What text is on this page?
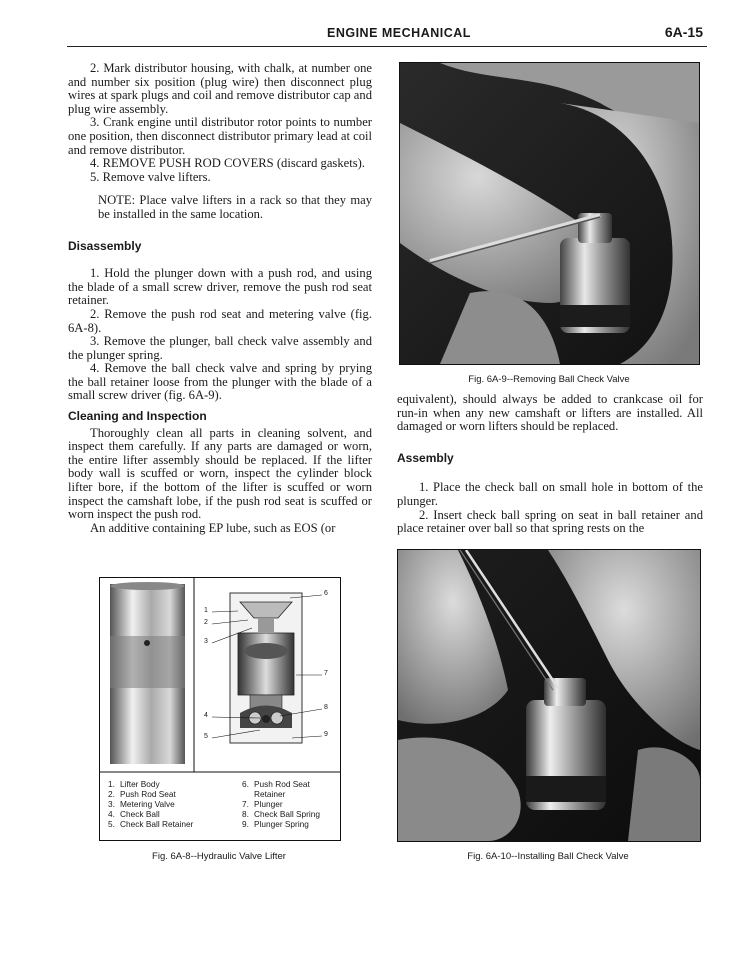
ENGINE MECHANICAL	6A-15

2. Mark distributor housing, with chalk, at number one and number six position (plug wire) then disconnect plug wires at spark plugs and coil and remove distributor cap and plug wire assembly.

3. Crank engine until distributor rotor points to number one position, then disconnect distributor primary lead at coil and remove distributor.

4. REMOVE PUSH ROD COVERS (discard gaskets).

5. Remove valve lifters.

NOTE: Place valve lifters in a rack so that they may be installed in the same location.

Disassembly

1. Hold the plunger down with a push rod, and using the blade of a small screw driver, remove the push rod seat retainer.

2. Remove the push rod seat and metering valve (fig. 6A-8).

3. Remove the plunger, ball check valve assembly and the plunger spring.

4. Remove the ball check valve and spring by prying the ball retainer loose from the plunger with the blade of a small screw driver (fig. 6A-9).

Cleaning and Inspection

Thoroughly clean all parts in cleaning solvent, and inspect them carefully. If any parts are damaged or worn, the entire lifter assembly should be replaced. If the lifter body wall is scuffed or worn, inspect the cylinder block lifter bore, if the bottom of the lifter is scuffed or worn inspect the camshaft lobe, if the push rod seat is scuffed or worn inspect the push rod.

An additive containing EP lube, such as EOS (or

equivalent), should always be added to crankcase oil for run-in when any new camshaft or lifters are installed. All damaged or worn lifters should be replaced.

Assembly

1. Place the check ball on small hole in bottom of the plunger.

2. Insert check ball spring on seat in ball retainer and place retainer over ball so that spring rests on the

Fig. 6A-9--Removing Ball Check Valve
1
2
3
4
5
6
7
8
9
1. Lifter Body
2. Push Rod Seat
3. Metering Valve
4. Check Ball
5. Check Ball Retainer
6. Push Rod Seat
Retainer
7. Plunger
8. Check Ball Spring
9. Plunger Spring
Fig. 6A-8--Hydraulic Valve Lifter	Fig. 6A-10--Installing Ball Check Valve
